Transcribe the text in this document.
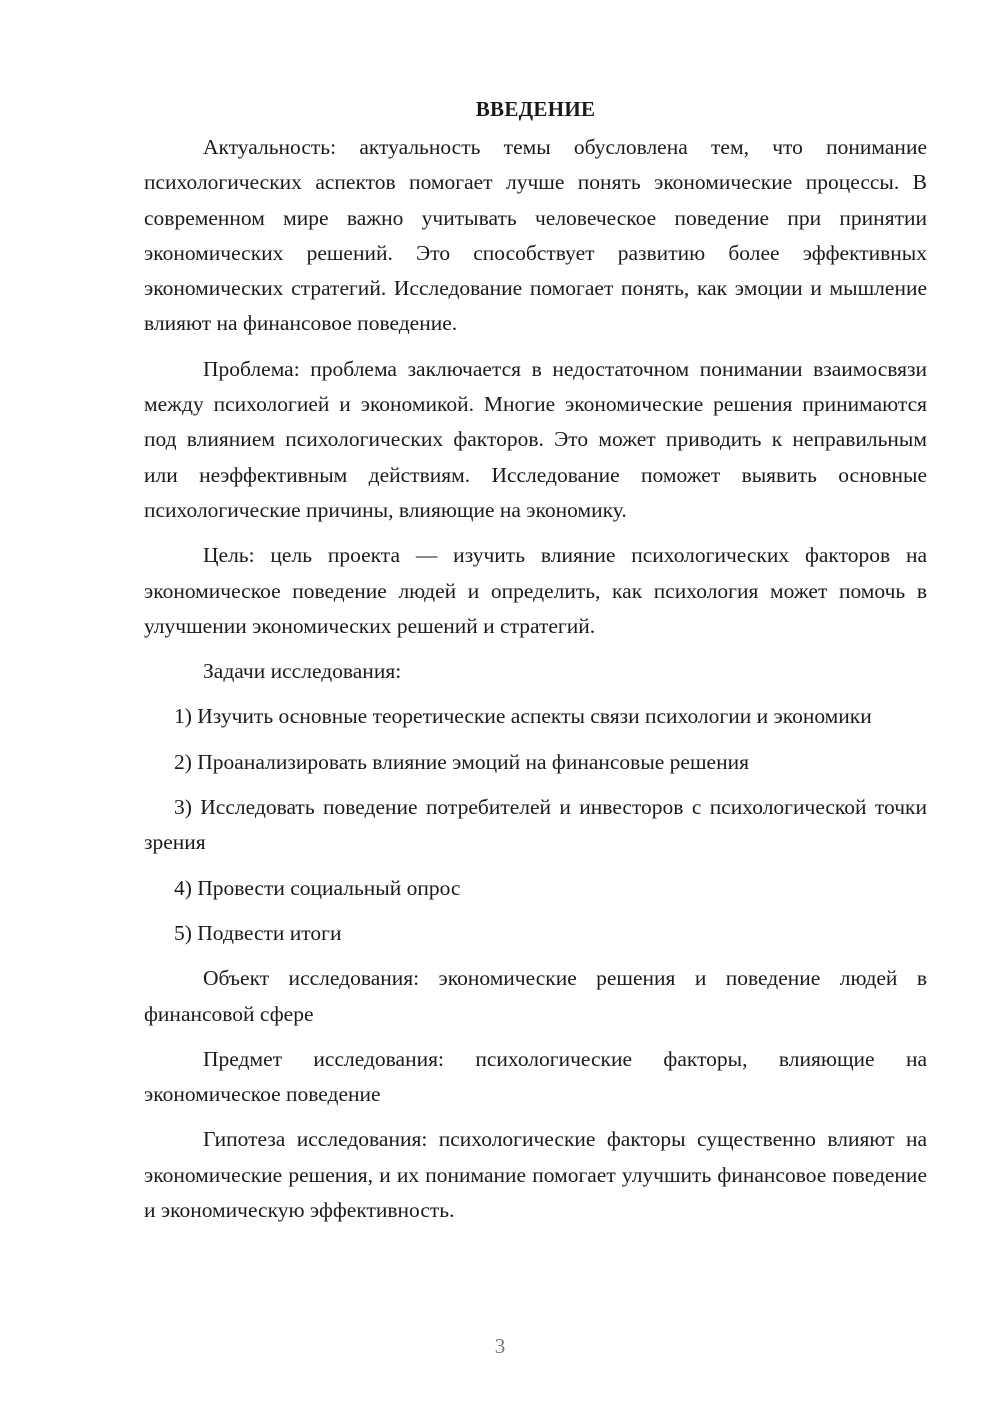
ВВЕДЕНИЕ

Актуальность: актуальность темы обусловлена тем, что понимание психологических аспектов помогает лучше понять экономические процессы. В современном мире важно учитывать человеческое поведение при принятии экономических решений. Это способствует развитию более эффективных экономических стратегий. Исследование помогает понять, как эмоции и мышление влияют на финансовое поведение.

Проблема: проблема заключается в недостаточном понимании взаимосвязи между психологией и экономикой. Многие экономические решения принимаются под влиянием психологических факторов. Это может приводить к неправильным или неэффективным действиям. Исследование поможет выявить основные психологические причины, влияющие на экономику.

Цель: цель проекта — изучить влияние психологических факторов на экономическое поведение людей и определить, как психология может помочь в улучшении экономических решений и стратегий.

Задачи исследования:

1) Изучить основные теоретические аспекты связи психологии и экономики

2) Проанализировать влияние эмоций на финансовые решения

3) Исследовать поведение потребителей и инвесторов с психологической точки зрения

4) Провести социальный опрос

5) Подвести итоги

Объект исследования: экономические решения и поведение людей в финансовой сфере

Предмет исследования: психологические факторы, влияющие на экономическое поведение

Гипотеза исследования: психологические факторы существенно влияют на экономические решения, и их понимание помогает улучшить финансовое поведение и экономическую эффективность.

3
